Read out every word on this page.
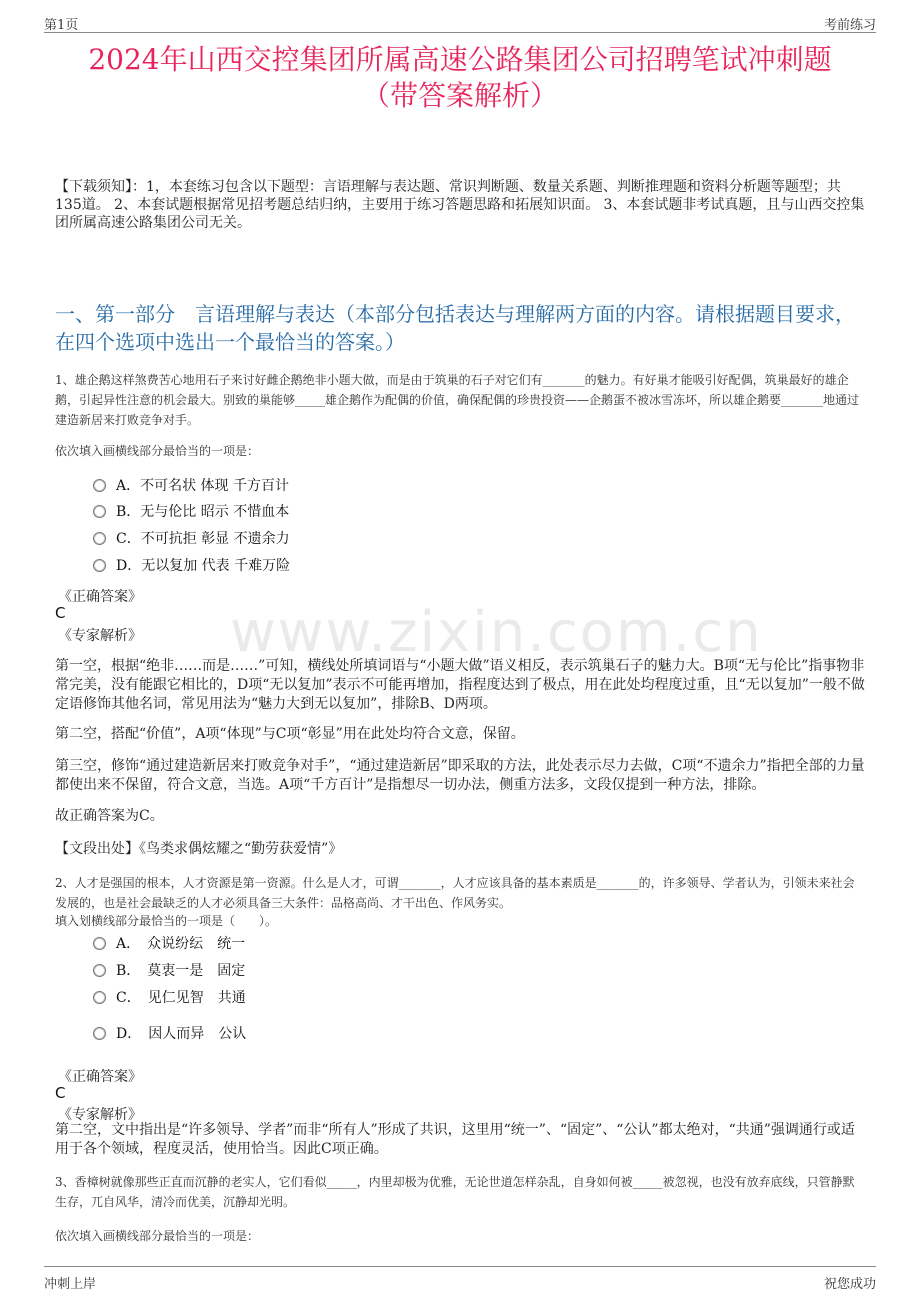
第1页	考前练习
2024年山西交控集团所属高速公路集团公司招聘笔试冲刺题
（带答案解析）
【下载须知】：1，本套练习包含以下题型：言语理解与表达题、常识判断题、数量关系题、判断推理题和资料分析题等题型；共135道。 2、本套试题根据常见招考题总结归纳，主要用于练习答题思路和拓展知识面。 3、本套试题非考试真题，且与山西交控集团所属高速公路集团公司无关。
一、第一部分　言语理解与表达（本部分包括表达与理解两方面的内容。请根据题目要求，在四个选项中选出一个最恰当的答案。）
1、雄企鹅这样煞费苦心地用石子来讨好雌企鹅绝非小题大做，而是由于筑巢的石子对它们有_______的魅力。有好巢才能吸引好配偶，筑巢最好的雄企鹅，引起异性注意的机会最大。别致的巢能够_____雄企鹅作为配偶的价值，确保配偶的珍贵投资——企鹅蛋不被冰雪冻坏，所以雄企鹅要_______地通过建造新居来打败竞争对手。
依次填入画横线部分最恰当的一项是：
A．不可名状 体现 千方百计
B．无与伦比 昭示 不惜血本
C．不可抗拒 彰显 不遗余力
D．无以复加 代表 千难万险
《正确答案》
C
《专家解析》
第一空，根据“绝非……而是……”可知，横线处所填词语与“小题大做”语义相反，表示筑巢石子的魅力大。B项“无与伦比”指事物非常完美，没有能跟它相比的，D项“无以复加”表示不可能再增加，指程度达到了极点，用在此处均程度过重，且“无以复加”一般不做定语修饰其他名词，常见用法为“魅力大到无以复加”，排除B、D两项。
第二空，搭配“价值”，A项“体现”与C项“彰显”用在此处均符合文意，保留。
第三空，修饰“通过建造新居来打败竞争对手”，“通过建造新居”即采取的方法，此处表示尽力去做，C项“不遗余力”指把全部的力量都使出来不保留，符合文意，当选。A项“千方百计”是指想尽一切办法，侧重方法多，文段仅提到一种方法，排除。
故正确答案为C。
【文段出处】《鸟类求偶炫耀之“勤劳获爱情”》
2、人才是强国的根本，人才资源是第一资源。什么是人才，可谓_______，人才应该具备的基本素质是_______的，许多领导、学者认为，引领未来社会发展的，也是社会最缺乏的人才必须具备三大条件：品格高尚、才干出色、作风务实。
填入划横线部分最恰当的一项是（　　）。
A．　众说纷纭　统一
B．　莫衷一是　固定
C．　见仁见智　共通
D．　因人而异　公认
《正确答案》
C
《专家解析》
第二空，文中指出是“许多领导、学者”而非“所有人”形成了共识，这里用“统一”、“固定”、“公认”都太绝对，“共通”强调通行或适用于各个领域，程度灵活，使用恰当。因此C项正确。
3、香樟树就像那些正直而沉静的老实人，它们看似_____，内里却极为优雅，无论世道怎样杂乱，自身如何被_____被忽视，也没有放弃底线，只管静默生存，兀自风华，清冷而优美，沉静却光明。
依次填入画横线部分最恰当的一项是：
www.zixin.com.cn
冲刺上岸	祝您成功
